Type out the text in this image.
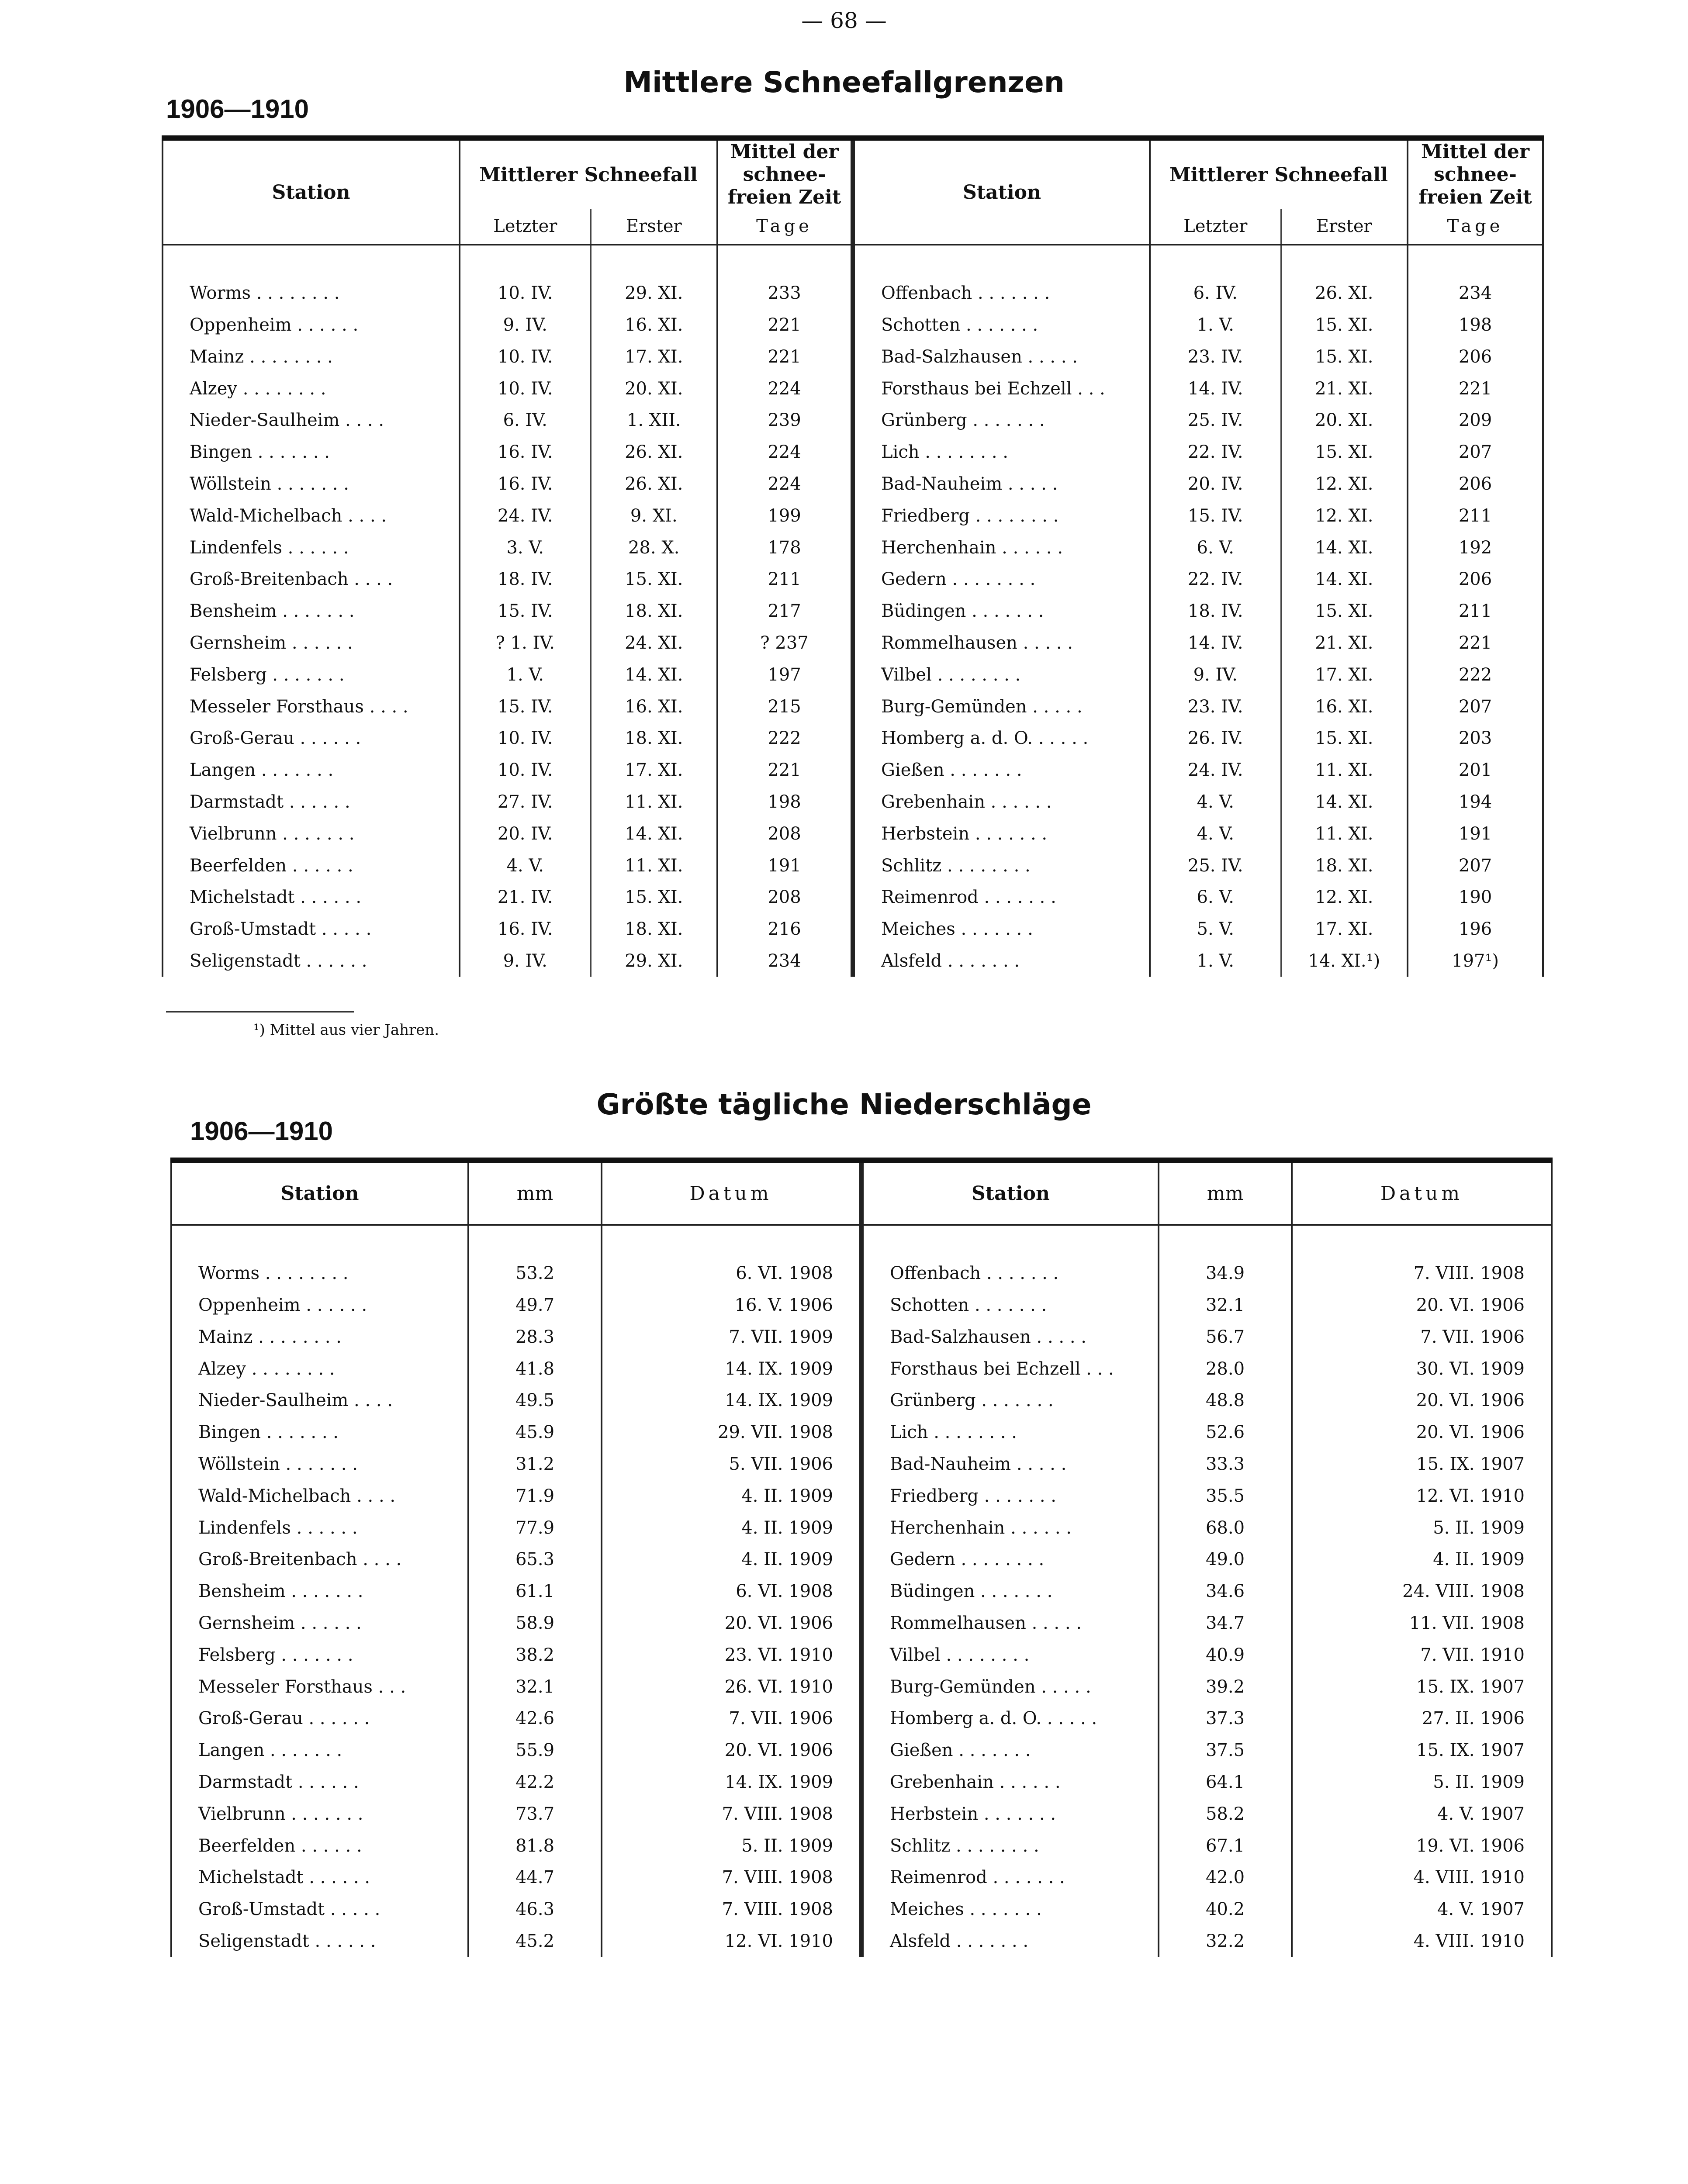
— 68 —
1906—1910
Mittlere Schneefallgrenzen
Station	Mittlerer Schneefall		Mittel der schnee-freien Zeit	Station	Mittlerer Schneefall		Mittel der schnee-freien Zeit
	Letzter	Erster	Tage		Letzter	Erster	Tage

Worms . . . . . . . .	10. IV.	29. XI.	233	Offenbach . . . . . . .	6. IV.	26. XI.	234
Oppenheim . . . . . .	9. IV.	16. XI.	221	Schotten . . . . . . .	1. V.	15. XI.	198
Mainz . . . . . . . .	10. IV.	17. XI.	221	Bad-Salzhausen . . . . .	23. IV.	15. XI.	206
Alzey . . . . . . . .	10. IV.	20. XI.	224	Forsthaus bei Echzell . . .	14. IV.	21. XI.	221
Nieder-Saulheim . . . .	6. IV.	1. XII.	239	Grünberg . . . . . . .	25. IV.	20. XI.	209
Bingen . . . . . . .	16. IV.	26. XI.	224	Lich . . . . . . . .	22. IV.	15. XI.	207
Wöllstein . . . . . . .	16. IV.	26. XI.	224	Bad-Nauheim . . . . .	20. IV.	12. XI.	206
Wald-Michelbach . . . .	24. IV.	9. XI.	199	Friedberg . . . . . . . .	15. IV.	12. XI.	211
Lindenfels . . . . . .	3. V.	28. X.	178	Herchenhain . . . . . .	6. V.	14. XI.	192
Groß-Breitenbach . . . .	18. IV.	15. XI.	211	Gedern . . . . . . . .	22. IV.	14. XI.	206
Bensheim . . . . . . .	15. IV.	18. XI.	217	Büdingen . . . . . . .	18. IV.	15. XI.	211
Gernsheim . . . . . .	? 1. IV.	24. XI.	? 237	Rommelhausen . . . . .	14. IV.	21. XI.	221
Felsberg . . . . . . .	1. V.	14. XI.	197	Vilbel . . . . . . . .	9. IV.	17. XI.	222
Messeler Forsthaus . . . .	15. IV.	16. XI.	215	Burg-Gemünden . . . . .	23. IV.	16. XI.	207
Groß-Gerau . . . . . .	10. IV.	18. XI.	222	Homberg a. d. O. . . . . .	26. IV.	15. XI.	203
Langen . . . . . . .	10. IV.	17. XI.	221	Gießen . . . . . . .	24. IV.	11. XI.	201
Darmstadt . . . . . .	27. IV.	11. XI.	198	Grebenhain . . . . . .	4. V.	14. XI.	194
Vielbrunn . . . . . . .	20. IV.	14. XI.	208	Herbstein . . . . . . .	4. V.	11. XI.	191
Beerfelden . . . . . .	4. V.	11. XI.	191	Schlitz . . . . . . . .	25. IV.	18. XI.	207
Michelstadt . . . . . .	21. IV.	15. XI.	208	Reimenrod . . . . . . .	6. V.	12. XI.	190
Groß-Umstadt . . . . .	16. IV.	18. XI.	216	Meiches . . . . . . .	5. V.	17. XI.	196
Seligenstadt . . . . . .	9. IV.	29. XI.	234	Alsfeld . . . . . . .	1. V.	14. XI.¹)	197¹)
¹) Mittel aus vier Jahren.
1906—1910
Größte tägliche Niederschläge
Station	mm	Datum	Station	mm	Datum

Worms . . . . . . . .	53.2	6. VI. 1908	Offenbach . . . . . . .	34.9	7. VIII. 1908
Oppenheim . . . . . .	49.7	16. V. 1906	Schotten . . . . . . .	32.1	20. VI. 1906
Mainz . . . . . . . .	28.3	7. VII. 1909	Bad-Salzhausen . . . . .	56.7	7. VII. 1906
Alzey . . . . . . . .	41.8	14. IX. 1909	Forsthaus bei Echzell . . .	28.0	30. VI. 1909
Nieder-Saulheim . . . .	49.5	14. IX. 1909	Grünberg . . . . . . .	48.8	20. VI. 1906
Bingen . . . . . . .	45.9	29. VII. 1908	Lich . . . . . . . .	52.6	20. VI. 1906
Wöllstein . . . . . . .	31.2	5. VII. 1906	Bad-Nauheim . . . . .	33.3	15. IX. 1907
Wald-Michelbach . . . .	71.9	4. II. 1909	Friedberg . . . . . . .	35.5	12. VI. 1910
Lindenfels . . . . . .	77.9	4. II. 1909	Herchenhain . . . . . .	68.0	5. II. 1909
Groß-Breitenbach . . . .	65.3	4. II. 1909	Gedern . . . . . . . .	49.0	4. II. 1909
Bensheim . . . . . . .	61.1	6. VI. 1908	Büdingen . . . . . . .	34.6	24. VIII. 1908
Gernsheim . . . . . .	58.9	20. VI. 1906	Rommelhausen . . . . .	34.7	11. VII. 1908
Felsberg . . . . . . .	38.2	23. VI. 1910	Vilbel . . . . . . . .	40.9	7. VII. 1910
Messeler Forsthaus . . .	32.1	26. VI. 1910	Burg-Gemünden . . . . .	39.2	15. IX. 1907
Groß-Gerau . . . . . .	42.6	7. VII. 1906	Homberg a. d. O. . . . . .	37.3	27. II. 1906
Langen . . . . . . .	55.9	20. VI. 1906	Gießen . . . . . . .	37.5	15. IX. 1907
Darmstadt . . . . . .	42.2	14. IX. 1909	Grebenhain . . . . . .	64.1	5. II. 1909
Vielbrunn . . . . . . .	73.7	7. VIII. 1908	Herbstein . . . . . . .	58.2	4. V. 1907
Beerfelden . . . . . .	81.8	5. II. 1909	Schlitz . . . . . . . .	67.1	19. VI. 1906
Michelstadt . . . . . .	44.7	7. VIII. 1908	Reimenrod . . . . . . .	42.0	4. VIII. 1910
Groß-Umstadt . . . . .	46.3	7. VIII. 1908	Meiches . . . . . . .	40.2	4. V. 1907
Seligenstadt . . . . . .	45.2	12. VI. 1910	Alsfeld . . . . . . .	32.2	4. VIII. 1910
